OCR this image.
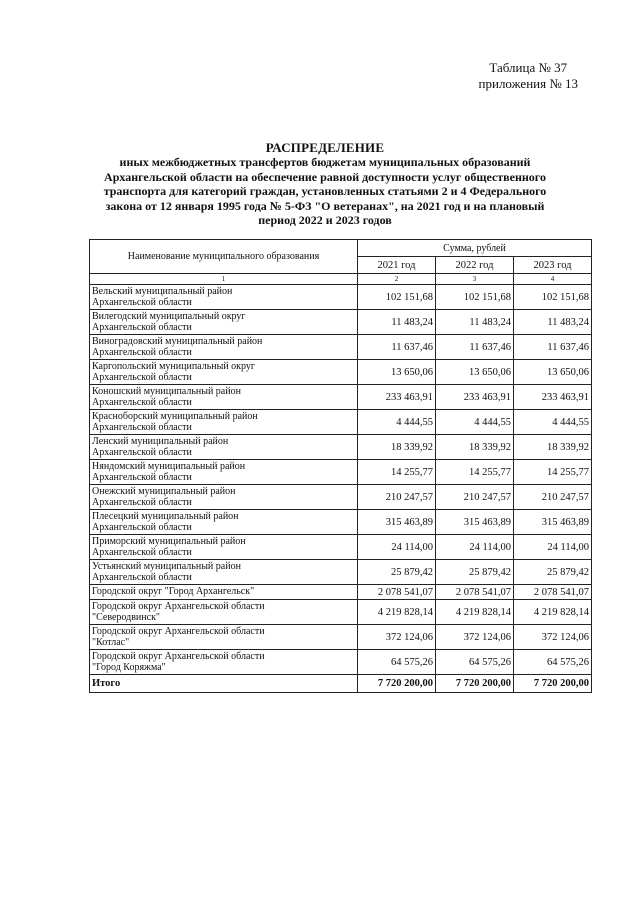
Таблица № 37
приложения № 13
РАСПРЕДЕЛЕНИЕ
иных межбюджетных трансфертов бюджетам муниципальных образований
Архангельской области на обеспечение равной доступности услуг общественного
транспорта для категорий граждан, установленных статьями 2 и 4 Федерального
закона от 12 января 1995 года № 5-ФЗ "О ветеранах", на 2021 год и на плановый
период 2022 и 2023 годов
Наименование муниципального образования	Сумма, рублей		
	2021 год	2022 год	2023 год
1	2	3	4

Вельский муниципальный район
Архангельской области	102 151,68	102 151,68	102 151,68

Вилегодский муниципальный округ
Архангельской области	11 483,24	11 483,24	11 483,24

Виноградовский муниципальный район
Архангельской области	11 637,46	11 637,46	11 637,46

Каргопольский муниципальный округ
Архангельской области	13 650,06	13 650,06	13 650,06

Коношский муниципальный район
Архангельской области	233 463,91	233 463,91	233 463,91

Красноборский муниципальный район
Архангельской области	4 444,55	4 444,55	4 444,55

Ленский муниципальный район
Архангельской области	18 339,92	18 339,92	18 339,92

Няндомский муниципальный район
Архангельской области	14 255,77	14 255,77	14 255,77

Онежский муниципальный район
Архангельской области	210 247,57	210 247,57	210 247,57

Плесецкий муниципальный район
Архангельской области	315 463,89	315 463,89	315 463,89

Приморский муниципальный район
Архангельской области	24 114,00	24 114,00	24 114,00

Устьянский муниципальный район
Архангельской области	25 879,42	25 879,42	25 879,42

Городской округ "Город Архангельск"	2 078 541,07	2 078 541,07	2 078 541,07

Городской округ Архангельской области
"Северодвинск"	4 219 828,14	4 219 828,14	4 219 828,14

Городской округ Архангельской области
"Котлас"	372 124,06	372 124,06	372 124,06

Городской округ Архангельской области
"Город Коряжма"	64 575,26	64 575,26	64 575,26
Итого	7 720 200,00	7 720 200,00	7 720 200,00
